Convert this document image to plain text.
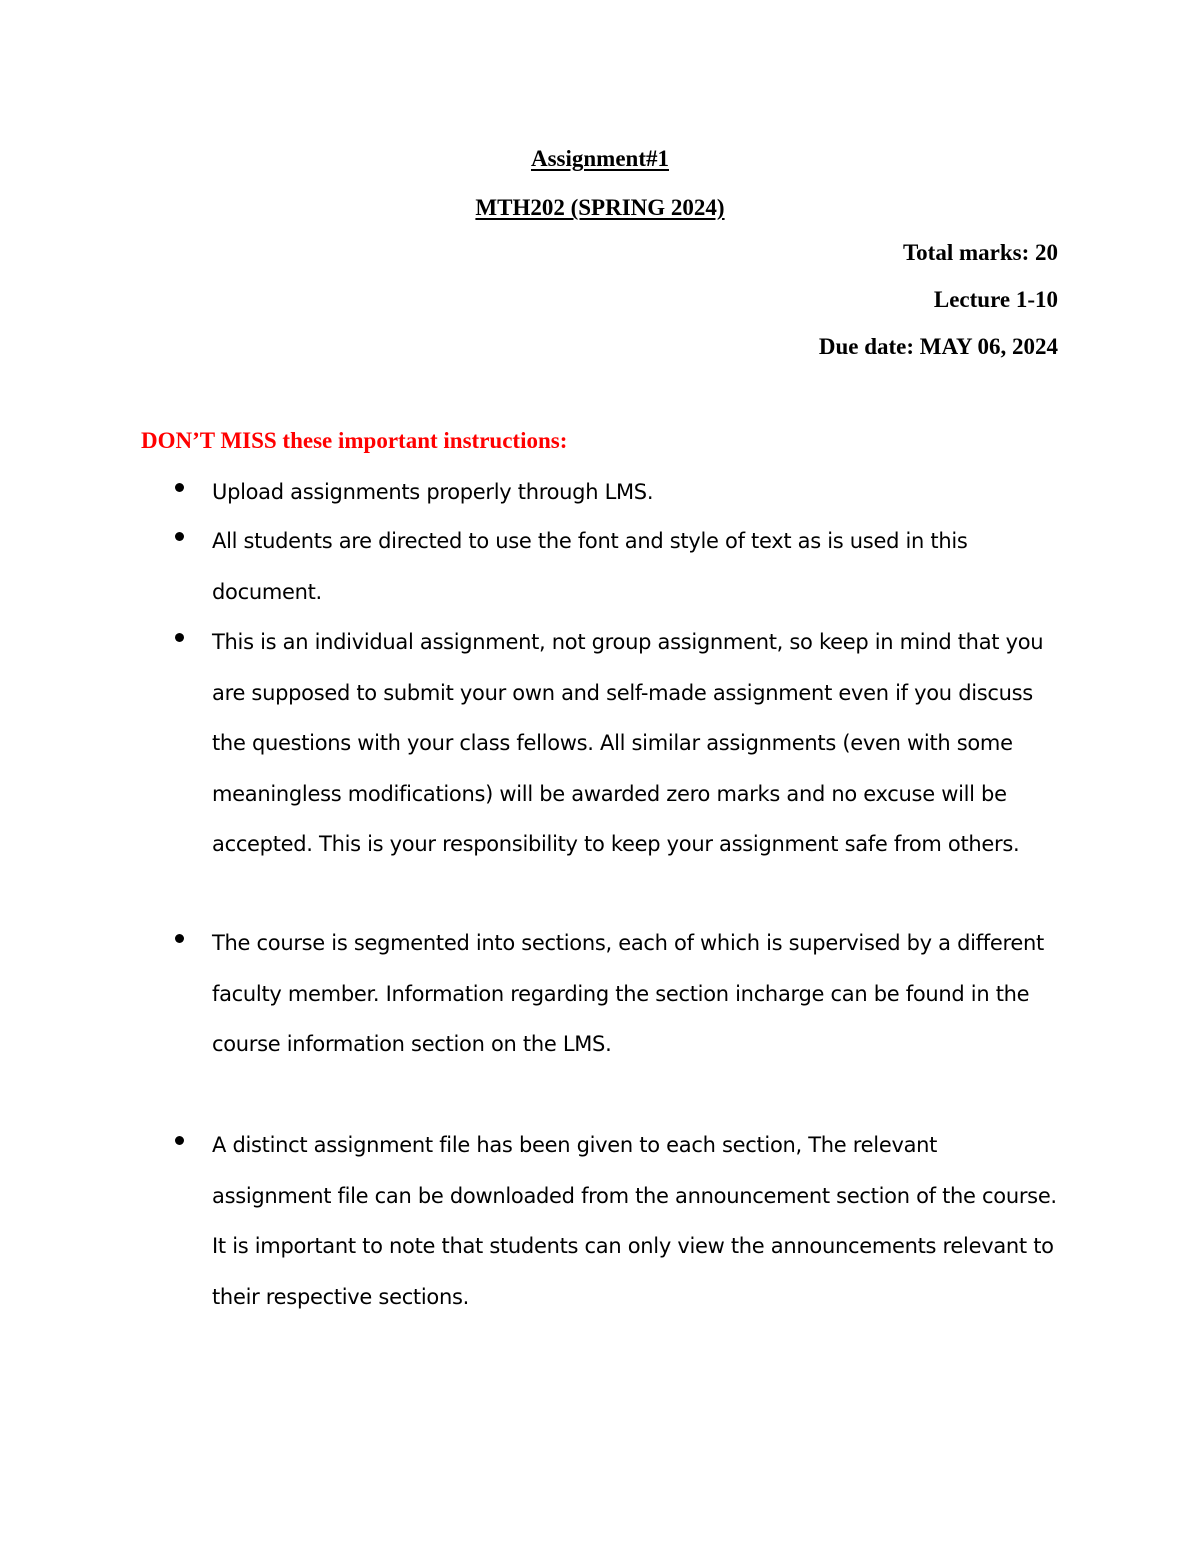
Assignment#1
MTH202 (SPRING 2024)
Total marks: 20
Lecture 1-10
Due date: MAY 06, 2024
DON’T MISS these important instructions:
Upload assignments properly through LMS.
All students are directed to use the font and style of text as is used in this document.
This is an individual assignment, not group assignment, so keep in mind that you are supposed to submit your own and self-made assignment even if you discuss the questions with your class fellows. All similar assignments (even with some meaningless modifications) will be awarded zero marks and no excuse will be accepted. This is your responsibility to keep your assignment safe from others.
The course is segmented into sections, each of which is supervised by a different faculty member. Information regarding the section incharge can be found in the course information section on the LMS.
A distinct assignment file has been given to each section, The relevant assignment file can be downloaded from the announcement section of the course. It is important to note that students can only view the announcements relevant to their respective sections.
